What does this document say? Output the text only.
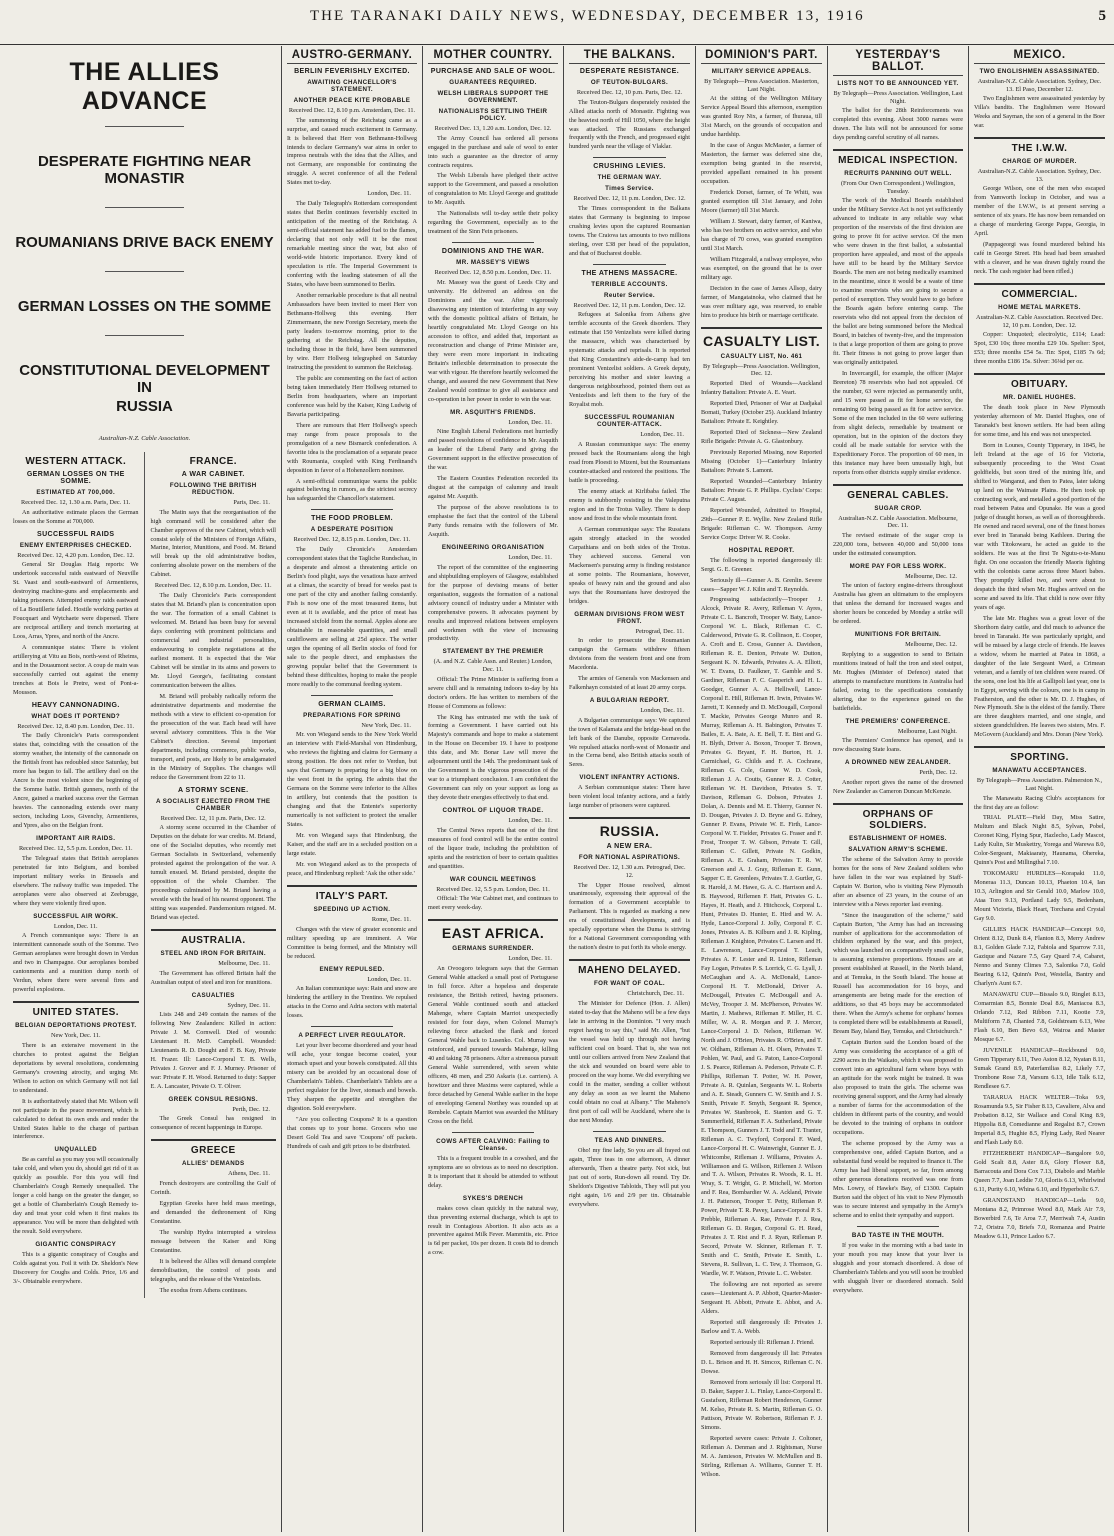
THE TARANAKI DAILY NEWS, WEDNESDAY, DECEMBER 13, 1916	5
THE ALLIES ADVANCE
DESPERATE FIGHTING NEAR MONASTIR
ROUMANIANS DRIVE BACK ENEMY
GERMAN LOSSES ON THE SOMME
CONSTITUTIONAL DEVELOPMENT IN
RUSSIA
Australian-N.Z. Cable Association.
WESTERN ATTACK.
GERMAN LOSSES ON THE SOMME.
ESTIMATED AT 700,000.
Received Dec. 12, 1.30 a.m. Paris, Dec. 11.

An authoritative estimate places the German losses on the Somme at 700,000.

SUCCESSFUL RAIDS
ENEMY ENTERPRISES CHECKED.
Received Dec. 12, 4.20 p.m. London, Dec. 12.

General Sir Douglas Haig reports: We undertook successful raids eastward of Neuville St. Vaast and south-eastward of Armentieres, destroying machine-guns and emplacements and taking prisoners. Attempted enemy raids eastward of La Boutillerie failed. Hostile working parties at Foucquart and Wytchaete were dispersed. There are reciprocal artillery and trench mortaring at Loos, Arras, Ypres, and north of the Ancre.

A communique states: There is violent artillerying at Vitu au Bois, north-west of Rheims, and in the Douaumont sector. A coup de main was successfully carried out against the enemy trenches at Bois le Pretre, west of Pont-a-Mousson.

HEAVY CANNONADING.
WHAT DOES IT PORTEND?
Received Dec. 12, 8.40 p.m. London, Dec. 11.

The Daily Chronicle's Paris correspondent states that, coinciding with the cessation of the stormy weather, the intensity of the cannonade on the British front has redoubled since Saturday, but more has begun to fall. The artillery duel on the Ancre is the most violent since the beginning of the Somme battle. British gunners, north of the Ancre, gained a marked success over the German heavies. The cannonading extends over many sectors, including Loos, Givenchy, Armentieres, and Ypres, also on the Belgian front.

IMPORTANT AIR RAIDS.
Received Dec. 12, 5.5 p.m. London, Dec. 11.

The Telegraaf states that British aeroplanes penetrated far into Belgium, and bombed important military works in Brussels and elsewhere. The railway traffic was impeded. The aeroplanes were also observed at Zeebrugge, where they were violently fired upon.

SUCCESSFUL AIR WORK.
London, Dec. 11.

A French communique says: There is an intermittent cannonade south of the Somme. Two German aeroplanes were brought down in Verdun and two in Champagne. Our aeroplanes bombed cantonments and a munition dump north of Verdun, where there were several fires and powerful explosions.

UNITED STATES.
BELGIAN DEPORTATIONS PROTEST.
New York, Dec. 11.

There is an extensive movement in the churches to protest against the Belgian deportations by several resolutions, condemning Germany's crowning atrocity, and urging Mr. Wilson to action on which Germany will not fail to understand.

It is authoritatively stated that Mr. Wilson will not participate in the peace movement, which is calculated to defeat its own ends and render the United States liable to the charge of partisan interference.

UNQUALLED

Be as careful as you may you will occasionally take cold, and when you do, should get rid of it as quickly as possible. For this you will find Chamberlain's Cough Remedy unequalled. The longer a cold hangs on the greater the danger, so get a bottle of Chamberlain's Cough Remedy to-day and treat your cold when it first makes its appearance. You will be more than delighted with the result. Sold everywhere.

GIGANTIC CONSPIRACY

This is a gigantic conspiracy of Coughs and Colds against you. Foil it with Dr. Sheldon's New Discovery for Coughs and Colds. Price, 1/6 and 3/-. Obtainable everywhere.

FRANCE.
A WAR CABINET.
FOLLOWING THE BRITISH REDUCTION.
Paris, Dec. 11.

The Matin says that the reorganisation of the high command will be considered after the Chamber approves of the new Cabinet, which will consist solely of the Ministers of Foreign Affairs, Marine, Interior, Munitions, and Food. M. Briand will break up the old administrative bodies, conferring absolute power on the members of the Cabinet.

Received Dec. 12, 8.10 p.m. London, Dec. 11.

The Daily Chronicle's Paris correspondent states that M. Briand's plan is concentration upon the war. The formation of a small Cabinet is welcomed. M. Briand has been busy for several days conferring with prominent politicians and commercial and industrial personalities, endeavouring to complete negotiations at the earliest moment. It is expected that the War Cabinet will be similar in its aims and powers to Mr. Lloyd George's, facilitating constant communication between the allies.

M. Briand will probably radically reform the administrative departments and modernise the methods with a view to efficient co-operation for the prosecution of the war. Each head will have several advisory committees. This is the War Cabinet's direction. Several important departments, including commerce, public works, transport, and posts, are likely to be amalgamated in the Ministry of Supplies. The changes will reduce the Government from 22 to 11.

A STORMY SCENE.
A SOCIALIST EJECTED FROM THE CHAMBER
Received Dec. 12, 11 p.m. Paris, Dec. 12.

A stormy scene occurred in the Chamber of Deputies on the debate for war credits. M. Briand, one of the Socialist deputies, who recently met German Socialists in Switzerland, vehemently protested against the prolongation of the war. A tumult ensued. M. Briand persisted, despite the opposition of the whole Chamber. The proceedings culminated by M. Briand having a wrestle with the head of his nearest opponent. The sitting was suspended. Pandemonium reigned. M. Briand was ejected.

AUSTRALIA.
STEEL AND IRON FOR BRITAIN.
Melbourne, Dec. 11.

The Government has offered Britain half the Australian output of steel and iron for munitions.

CASUALTIES
Sydney, Dec. 11.

Lists 248 and 249 contain the names of the following New Zealanders: Killed in action: Private J. M. Cornwell. Died of wounds: Lieutenant H. McD. Campbell. Wounded: Lieutenants R. D. Dought and F. B. Kay, Private H. Frazer. Ill: Lance-Corporal T. B. Wells, Privates J. Grover and F. J. Murney. Prisoner of war: Private F. H. Wood. Returned to duty: Sapper E. A. Lancaster, Private O. T. Oliver.

GREEK CONSUL RESIGNS.
Perth, Dec. 12.

The Greek Consul has resigned in consequence of recent happenings in Europe.

GREECE
ALLIES' DEMANDS
Athens, Dec. 11.

French destroyers are controlling the Gulf of Corinth.

Egyptian Greeks have held mass meetings, and demanded the dethronement of King Constantine.

The warship Hydra interrupted a wireless message between the Kaiser and King Constantine.

It is believed the Allies will demand complete demobilisation, the control of posts and telegraphs, and the release of the Venizelists.

The exodus from Athens continues.

AUSTRO-GERMANY.
BERLIN FEVERISHLY EXCITED.
AWAITING CHANCELLOR'S STATEMENT.
ANOTHER PEACE KITE PROBABLE
Received Dec. 12, 8.10 p.m. Amsterdam, Dec. 11.

The summoning of the Reichstag came as a surprise, and caused much excitement in Germany. It is believed that Herr von Bethmann-Hollweg intends to declare Germany's war aims in order to impress neutrals with the idea that the Allies, and not Germany, are responsible for continuing the struggle. A secret conference of all the Federal States met to-day.

London, Dec. 11.

The Daily Telegraph's Rotterdam correspondent states that Berlin continues feverishly excited in anticipation of the meeting of the Reichstag. A semi-official statement has added fuel to the flames, declaring that not only will it be the most remarkable meeting since the war, but also of world-wide historic importance. Every kind of speculation is rife. The Imperial Government is conferring with the leading statesmen of all the States, who have been summoned to Berlin.

Another remarkable procedure is that all neutral Ambassadors have been invited to meet Herr von Bethmann-Hollweg this evening. Herr Zimmermann, the new Foreign Secretary, meets the party leaders to-morrow morning, prior to the gathering at the Reichstag. All the deputies, including those in the field, have been summoned by wire. Herr Hollweg telegraphed on Saturday instructing the president to summon the Reichstag.

The public are commenting on the fact of action being taken immediately Herr Hollweg returned to Berlin from headquarters, where an important conference was held by the Kaiser, King Ludwig of Bavaria participating.

There are rumours that Herr Hollweg's speech may range from peace proposals to the promulgation of a new Bismarck confederation. A favorite idea is the proclamation of a separate peace with Roumania, coupled with King Ferdinand's deposition in favor of a Hohenzollern nominee.

A semi-official communique warns the public against believing in rumors, as the strictest secrecy has safeguarded the Chancellor's statement.

THE FOOD PROBLEM.
A DESPERATE POSITION
Received Dec. 12, 8.15 p.m. London, Dec. 11.

The Daily Chronicle's Amsterdam correspondent states that the Tagliche Rundschau, in a desperate and almost a threatening article on Berlin's food plight, says the vexatious haze arrived at a climax, the scarcity of bread for weeks past is one part of the city and another failing constantly. Fish is now one of the most treasured items, but even at it is available, and the price of meat has increased sixfold from the normal. Apples alone are obtainable in reasonable quantities, and small cauliflowers are selling at 25d apiece. The writer urges the opening of all Berlin stocks of food for sale to the people direct, and emphasises the growing popular belief that the Government is behind these difficulties, hoping to make the people more readily to the communal feeding system.

GERMAN CLAIMS.
PREPARATIONS FOR SPRING
New York, Dec. 11.

Mr. von Wiegand sends to the New York World an interview with Field-Marshal von Hindenburg, who reviews the fighting and claims for Germany a strong position. He does not refer to Verdun, but says that Germany is preparing for a big blow on the west front in the spring. He admits that the Germans on the Somme were inferior to the Allies in artillery, but contends that the position is changing and that the Entente's superiority numerically is not sufficient to protect the smaller States.

Mr. von Wiegand says that Hindenburg, the Kaiser, and the staff are in a secluded position on a large estate.

Mr. von Wiegand asked as to the prospects of peace, and Hindenburg replied: 'Ask the other side.'

ITALY'S PART.
SPEEDING UP ACTION.
Rome, Dec. 11.

Changes with the view of greater economic and military speeding up are imminent. A War Committee is being formed, and the Ministry will be reduced.

ENEMY REPULSED.
London, Dec. 11.

An Italian communique says: Rain and snow are hindering the artillery in the Trentino. We repulsed attacks in the Corno and Adria sectors with material losses.

A PERFECT LIVER REGULATOR.

Let your liver become disordered and your head will ache, your tongue become coated, your stomach upset and your bowels constipated. All this misery can be avoided by an occasional dose of Chamberlain's Tablets. Chamberlain's Tablets are a perfect regulator for the liver, stomach and bowels. They sharpen the appetite and strengthen the digestion. Sold everywhere.

"Are you collecting Coupons? It is a question that comes up to your home. Grocers who use Desert Gold Tea and save 'Coupons' off packets. Hundreds of cash and gift prizes to be distributed.

MOTHER COUNTRY.
PURCHASE AND SALE OF WOOL.
GUARANTEES REQUIRED.
WELSH LIBERALS SUPPORT THE GOVERNMENT.
NATIONALISTS SETTLING THEIR POLICY.
Received Dec. 13, 1.20 a.m. London, Dec. 12.

The Army Council has ordered all persons engaged in the purchase and sale of wool to enter into such a guarantee as the director of army contracts requires.

The Welsh Liberals have pledged their active support to the Government, and passed a resolution of congratulation to Mr. Lloyd George and gratitude to Mr. Asquith.

The Nationalists will to-day settle their policy regarding the Government, especially as to the treatment of the Sinn Fein prisoners.

DOMINIONS AND THE WAR.
MR. MASSEY'S VIEWS
Received Dec. 12, 8.50 p.m. London, Dec. 11.

Mr. Massey was the guest of Leeds City and university. He delivered an address on the Dominions and the war. After vigorously disavowing any intention of interfering in any way with the domestic political affairs of Britain, he heartily congratulated Mr. Lloyd George on his accession to office, and added that, important as reconstruction and change of Prime Minister are, they were even more important in indicating Britain's inflexible determination to prosecute the war with vigour. He therefore heartily welcomed the change, and assured the new Government that New Zealand would continue to give all assistance and co-operation in her power in order to win the war.

MR. ASQUITH'S FRIENDS.
London, Dec. 11.

Nine English Liberal Federations met hurriedly and passed resolutions of confidence in Mr. Asquith as leader of the Liberal Party and giving the Government support in the effective prosecution of the war.

The Eastern Counties Federation recorded its disgust at the campaign of calumny and insult against Mr. Asquith.

The purpose of the above resolutions is to emphasise the fact that the control of the Liberal Party funds remains with the followers of Mr. Asquith.

ENGINEERING ORGANISATION
London, Dec. 11.

The report of the committee of the engineering and shipbuilding employers of Glasgow, established for the purpose of devising means of better organisation, suggests the formation of a national advisory council of industry under a Minister with comprehensive powers. It advocates payment by results and improved relations between employers and workmen with the view of increasing productivity.

STATEMENT BY THE PREMIER
(A. and N.Z. Cable Assn. and Reuter.) London, Dec. 11.

Official: The Prime Minister is suffering from a severe chill and is remaining indoors to-day by his doctor's orders. He has written to members of the House of Commons as follows:

The King has entrusted me with the task of forming a Government. I have carried out his Majesty's commands and hope to make a statement in the House on December 19. I have to postpone this date, and Mr. Bonar Law will move the adjournment until the 14th. The predominant task of the Government is the vigorous prosecution of the war to a triumphant conclusion. I am confident the Government can rely on your support as long as they devote their energies effectively to that end.

CONTROL OF LIQUOR TRADE.
London, Dec. 11.

The Central News reports that one of the first measures of food control will be the entire control of the liquor trade, including the prohibition of spirits and the restriction of beer to certain qualities and quantities.

WAR COUNCIL MEETINGS
Received Dec. 12, 5.5 p.m. London, Dec. 11.

Official: The War Cabinet met, and continues to meet every week-day.

EAST AFRICA.
GERMANS SURRENDER.
London, Dec. 11.

An Ovoogoro telegram says that the German General Wahle attacked a small post of Portuguese in full force. After a hopeless and desperate resistance, the British retired, having prisoners. General Wahle continued south and attacked Mahenge, where Captain Marriot unexpectedly resisted for four days, when Colonel Murray's relieving force attacked the flank and forced General Wahle back to Lusenko. Col. Murray was reinforced, and pursued towards Mahenge, killing 40 and taking 78 prisoners. After a strenuous pursuit General Wahle surrendered, with seven white officers, 48 men, and 250 Askaris (i.e. carriers). A howitzer and three Maxims were captured, while a force detached by General Wahle earlier in the hope of enveloping General Northey was rounded up at Rembele. Captain Marriot was awarded the Military Cross on the field.

COWS AFTER CALVING: Failing to Cleanse.

This is a frequent trouble in a cowshed, and the symptoms are so obvious as to need no description. It is important that it should be attended to without delay.

SYKES'S DRENCH

makes cows clean quickly in the natural way, thus preventing external discharge, which is apt to result in Contagious Abortion. It also acts as a preventive against Milk Fever. Mammitis, etc. Price is 6d per packet, 10s per dozen. It costs 8d to drench a cow.

THE BALKANS.
DESPERATE RESISTANCE.
OF TEUTON-BULGARS.
Received Dec. 12, 10 p.m. Paris, Dec. 12.

The Teuton-Bulgars desperately resisted the Allied attacks north of Monastir. Fighting was the heaviest north of Hill 1050, where the height was attacked. The Russians exchanged frequently with the French, and progressed eight hundred yards near the village of Vlaklar.

CRUSHING LEVIES.
THE GERMAN WAY.
Times Service.
Received Dec. 12, 11 p.m. London, Dec. 12.

The Times correspondent in the Balkans states that Germany is beginning to impose crushing levies upon the captured Roumanian towns. The Craiova tax amounts to two millions sterling, over £38 per head of the population, and that of Bucharest double.

THE ATHENS MASSACRE.
TERRIBLE ACCOUNTS.
Reuter Service.
Received Dec. 12, 11 p.m. London, Dec. 12.

Refugees at Salonika from Athens give terrible accounts of the Greek disorders. They estimate that 150 Venizelists were killed during the massacre, which was characterised by systematic attacks and reprisals. It is reported that King Constantine's aide-de-camp had ten prominent Venizelist soldiers. A Greek deputy, perceiving his mother and sister leaving a dangerous neighbourhood, pointed them out as Venizelists and left them to the fury of the Royalist mob.

SUCCESSFUL ROUMANIAN COUNTER-ATTACK.
London, Dec. 11.

A Russian communique says: The enemy pressed back the Roumanians along the high road from Ploesti to Mizeni, but the Roumanians counter-attacked and restored the positions. The battle is proceeding.

The enemy attack at Kirlibaba failed. The enemy is stubbornly resisting in the Valeputna region and in the Trotus Valley. There is deep snow and frost in the whole mountain front.

A German communique says: The Russians again strongly attacked in the wooded Carpathians and on both sides of the Trotus. They achieved success. General von Mackensen's pursuing army is finding resistance at some points. The Roumanians, however, speaks of heavy rain and the ground and also says that the Roumanians have destroyed the bridges.

GERMAN DIVISIONS FROM WEST FRONT.
Petrograd, Dec. 11.

In order to prosecute the Roumanian campaign the Germans withdrew fifteen divisions from the western front and one from Macedonia.

The armies of Generals von Mackensen and Falkenhayn consisted of at least 20 army corps.

A BULGARIAN REPORT.
London, Dec. 11.

A Bulgarian communique says: We captured the town of Kalamata and the bridge-head on the left bank of the Danube, opposite Cernavoda. We repulsed attacks north-west of Monastir and in the Cerna bend, also British attacks south of Seres.

VIOLENT INFANTRY ACTIONS.

A Serbian communique states: There have been violent local infantry actions, and a fairly large number of prisoners were captured.

RUSSIA.
A NEW ERA.
FOR NATIONAL ASPIRATIONS.
Received Dec. 12, 1.30 a.m. Petrograd, Dec. 12.

The Upper House resolved, almost unanimously, expressing their approval of the formation of a Government acceptable to Parliament. This is regarded as marking a new era of constitutional developments, and is specially opportune when the Duma is striving for a National Government corresponding with the nation's desire to put forth its whole energy.

MAHENO DELAYED.
FOR WANT OF COAL.
Christchurch, Dec. 11.

The Minister for Defence (Hon. J. Allen) stated to-day that the Maheno will be a few days late in arriving in the Dominion. "I very much regret having to say this," said Mr. Allen, "but the vessel was held up through not having sufficient coal on board. That is, she was not until our colliers arrived from New Zealand that the sick and wounded on board were able to proceed on the way home. We did everything we could in the matter, sending a collier without any delay as soon as we learnt the Maheno could obtain no coal at Albany." The Maheno's first port of call will be Auckland, where she is due next Monday.

TEAS AND DINNERS.

Oho! my fine lady, So you are all frayed out again, Three teas in one afternoon, A dinner afterwards, Then a theatre party. Not sick, but just out of sorts, Run-down all round. Try Dr. Sheldon's Digestive Tabloids, They will put you right again, 1/6 and 2/9 per tin. Obtainable everywhere.

DOMINION'S PART.
MILITARY SERVICE APPEALS.
By Telegraph—Press Association. Masterton, Last Night.

At the sitting of the Wellington Military Service Appeal Board this afternoon, exemption was granted Roy Nix, a farmer, of Ihuraua, till 31st March, on the grounds of occupation and undue hardship.

In the case of Angus McMaster, a farmer of Masterton, the farmer was deferred sine die, exemption being granted in the reservist, provided appellant remained in his present occupation.

Frederick Dorset, farmer, of Te Whiti, was granted exemption till 31st January, and John Moore (farmer) till 31st March.

William J. Stewart, dairy farmer, of Kaniwa, who has two brothers on active service, and who has charge of 70 cows, was granted exemption until 31st March.

William Fitzgerald, a railway employee, who was exempted, on the ground that he is over military age.

Decision in the case of James Allsop, dairy farmer, of Mangatainoka, who claimed that he was over military age, was reserved, to enable him to produce his birth or marriage certificate.

CASUALTY LIST.
CASUALTY LIST, No. 461
By Telegraph—Press Association. Wellington, Dec. 12.

Reported Died of Wounds—Auckland Infantry Battalion: Private A. E. Veart.

Reported Died, Prisoner of War at Dadjakal Bomati, Turkey (October 25). Auckland Infantry Battalion: Private E. Keightley.

Reported Died of Sickness—New Zealand Rifle Brigade: Private A. G. Glastonbury.

Previously Reported Missing, now Reported Missing (October 1)—Canterbury Infantry Battalion: Private S. Lamont.

Reported Wounded—Canterbury Infantry Battalion: Private G. P. Phillips. Cyclists' Corps: Private C. August.

Reported Wounded, Admitted to Hospital, 29th—Gunner P. E. Wyllie. New Zealand Rifle Brigade: Rifleman C. W. Thompson. Army Service Corps: Driver W. R. Cooke.

HOSPITAL REPORT.

The following is reported dangerously ill: Sergt. G. E. Greener.

Seriously ill—Gunner A. B. Grenlin. Severe cases—Sapper W. J. Kilin and T. Reynolds.

Progressing satisfactorily—Trooper J. Alcock, Private R. Avery, Rifleman V. Ayres, Private C. L. Bancroft, Trooper W. Baty, Lance-Corporal W. L. Black, Rifleman C. C. Calderwood, Private G. R. Collinson, E. Cooper, A. Croft and E. Cross, Gunner A. Davidson, Rifleman R. E. Denton, Private W. Dutton, Sergeant K. N. Edwards, Privates A. A. Elliott, W. T. Evans, D. Faulkner, T. Gamble and S. Gardiner, Rifleman F. C. Gasperich and H. L. Goodger, Gunner A. A. Helliwell, Lance-Corporal E. Hill, Rifleman H. Irwin, Privates W. Jarrett, T. Kennedy and D. McDougall, Corporal T. Mackie, Privates George Munro and R. Murray, Rifleman A. H. Babington, Privates T. Bailes, E. A. Bate, A. E. Bell, T. E. Bint and G. H. Blyth, Driver A. Boxon, Trooper T. Brown, Privates G. Bryant, F. H. Burton, H. J. Carmichael, G. Childs and F. A. Cochrane, Rifleman G. Cole, Gunner W. D. Cook, Rifleman J. A. Coutts, Gunner R. J. Cotter, Rifleman W. H. Davidson, Privates S. T. Davison, Rifleman G. Dobson, Privates J. Dolan, A. Dennis and M. E. Thierry, Gunner N. D. Dougan, Privates J. D. Bryne and G. Edney, Gunner P. Evans, Private W. E. Firth, Lance-Corporal W. T. Fielder, Privates G. Fraser and F. Frost, Trooper T. W. Gibson, Private T. Gill, Rifleman C. Gillett, Private N. Godkin, Rifleman A. E. Graham, Privates T. R. W. Greerson and A. J. Gray, Rifleman E. Gunn, Sapper C. E. Greenlees, Privates T. J. Gurtler, G. R. Harold, J. M. Hawe, G. A. C. Harrison and A. B. Haywood, Riflemen F. Hatt, Privates G. L. Hayes, H. Heath, and J. Hitchcock, Corporal L. Hunt, Privates D. Hunter, E. Hird and W. A. Hyde, Lance-Corporal J. Jolly, Corporal F. C. Jones, Privates A. B. Kilburn and J. R. Kipling, Rifleman J. Knighton, Privates C. Larsen and H. E. Lawrenson, Lance-Corporal T. Leach, Privates A. F. Lester and R. Linton, Rifleman Fay Logan, Privates P. S. Lorrick, C. G. Lyall, J. McCaughan and A. A. McDonald, Lance-Corporal H. T. McDonald, Driver A. McDougall, Privates C. McDougall and A. McVey, Trooper J. M. McPherson, Privates W. Martin, J. Mathews, Rifleman F. Miller, H. C. Miller, W. A. R. Morgan and P. J. Mercer, Lance-Corporal J. D. Nelson, Rifleman W. North and J. O'Brien, Privates R. O'Brien, and T. W. Oldham, Rifleman A. H. Olsen, Privates T. Pohlen, W. Paul, and G. Paton, Lance-Corporal J. S. Pearce, Rifleman A. Pederson, Private C. F. Phillips, Rifleman T. Potter, W. H. Power, Private A. R. Quinlan, Sergeants W. L. Roberts and A. E. Steadt, Gunners C. W. Smith and J. S. Smith, Private F. Smyth, Sergeant R. Spence, Privates W. Stanbrook, E. Stanton and G. T. Summerfield, Rifleman F. A. Sutherland, Private E. Thompson, Gunners J. T. Todd and T. Tranter, Rifleman A. C. Twyford, Corporal F. Ward, Lance-Corporal H. C. Wainwright, Gunner E. J. Whitcombe, Rifleman J. Williams, Privates A. Williamson and G. Willson, Riflemen J. Wilson and T. A. Wilson, Privates R. Woods, R. L. H. Wray, S. T. Wright, G. P. Mitchell, W. Morton and F. Rea, Bombardier W. A. Ackland, Private J. H. Patterson, Trooper T. Petty, Rifleman P. Power, Private T. R. Pavey, Lance-Corporal P. S. Prebble, Rifleman A. Rae, Private F. J. Rea, Rifleman G. D. Regan, Corporal G. H. Read, Privates J. T. Rist and F. J. Ryan, Rifleman P. Secord, Private W. Skinner, Rifleman F. T. Smith and C. Smith, Private E. Smith, L. Stevens, R. Sullivan, L. C. Tew, J. Thomson, G. Wardle, W. F. Watson, Private L. C. Webster.

The following are not reported as severe cases—Lieutenant A. P. Abbott, Quarter-Master-Sergeant H. Abbott, Private E. Abbot, and A. Alders.

Reported still dangerously ill: Privates J. Barlow and T. A. Webb.

Reported seriously ill: Rifleman J. Friend.

Removed from dangerously ill list: Privates D. L. Brison and H. H. Simcox, Rifleman C. N. Dowse.

Removed from seriously ill list: Corporal H. D. Baker, Sapper J. L. Finlay, Lance-Corporal E. Gustafson, Rifleman Robert Henderson, Gunner M. Kelso, Private R. S. Martin, Rifleman G. O. Pattison, Private W. Robertson, Rifleman F. J. Simons.

Reported severe cases: Private J. Coltoner, Rifleman A. Denman and J. Rightsman, Nurse M. A. Jamieson, Privates W. McMullen and B. Stirling, Rifleman A. Williams, Gunner T. H. Wilson.

YESTERDAY'S BALLOT.
LISTS NOT TO BE ANNOUNCED YET.
By Telegraph—Press Association. Wellington, Last Night.

The ballot for the 28th Reinforcements was completed this evening. About 3000 names were drawn. The lists will not be announced for some days pending careful scrutiny of all names.

MEDICAL INSPECTION.
RECRUITS PANNING OUT WELL.
(From Our Own Correspondent.) Wellington, Tuesday.

The work of the Medical Boards established under the Military Service Act is not yet sufficiently advanced to indicate in any reliable way what proportion of the reservists of the first division are going to prove fit for active service. Of the men who were drawn in the first ballot, a substantial proportion have appealed, and most of the appeals have still to be heard by the Military Service Boards. The men are not being medically examined in the meantime, since it would be a waste of time to examine reservists who are going to secure a period of exemption. They would have to go before the Boards again before entering camp. The reservists who did not appeal from the decision of the ballot are being summoned before the Medical Board, in batches of twenty-five, and the impression is that a large proportion of them are going to prove fit. Their fitness is not going to prove larger than was originally anticipated.

In Invercargill, for example, the officer (Major Brereton) 78 reservists who had not appealed. Of the number, 63 were rejected as permanently unfit, and 15 were passed as fit for home service, the remaining 60 being passed as fit for active service. Some of the men included in the 60 were suffering from slight defects, remediable by treatment or operation, but in the opinion of the doctors they could all be made suitable for service with the Expeditionary Force. The proportion of 60 men, in this instance may have been unusually high, but reports from other districts supply similar evidence.

GENERAL CABLES.
SUGAR CROP.
Australian-N.Z. Cable Association. Melbourne, Dec. 11.

The revised estimate of the sugar crop is 220,000 tons, between 40,000 and 50,000 tons under the estimated consumption.

MORE PAY FOR LESS WORK.
Melbourne, Dec. 12.

The union of factory engine-drivers throughout Australia has given an ultimatum to the employers that unless the demand for increased wages and shorter hours be conceded by Monday a strike will be ordered.

MUNITIONS FOR BRITAIN.
Melbourne, Dec. 12.

Replying to a suggestion to send to Britain munitions instead of half the iron and steel output, Mr. Hughes (Minister of Defence) stated that attempts to manufacture munitions in Australia had failed, owing to the specifications constantly altering, due to the experience gained on the battlefields.

THE PREMIERS' CONFERENCE.
Melbourne, Last Night.

The Premiers' Conference has opened, and is now discussing State loans.

A DROWNED NEW ZEALANDER.
Perth, Dec. 12.

Another report gives the name of the drowned New Zealander as Cameron Duncan McKenzie.

ORPHANS OF SOLDIERS.
ESTABLISHMENT OF HOMES.
SALVATION ARMY'S SCHEME.

The scheme of the Salvation Army to provide homes for the sons of New Zealand soldiers who have fallen in the war was explained by Staff-Captain W. Burton, who is visiting New Plymouth after an absence of 23 years, in the course of an interview with a News reporter last evening.

"Since the inauguration of the scheme," said Captain Burton, "the Army has had an increasing number of applications for the accommodation of children orphaned by the war, and this project, which was launched on a comparatively small scale, is assuming extensive proportions. Houses are at present established at Russell, in the North Island, and at Temuka, in the South Island. The house at Russell has accommodation for 16 boys, and arrangements are being made for the erection of additions, so that 45 boys may be accommodated there. When the Army's scheme for orphans' homes is completed there will be establishments at Russell, Bream Bay, Island Bay, Temuka, and Christchurch."

Captain Burton said the London board of the Army was considering the acceptance of a gift of 2290 acres in the Waikato, which it was proposed to convert into an agricultural farm where boys with an aptitude for the work might be trained. It was also proposed to train the girls. The scheme was receiving general support, and the Army had already a number of farms for the accommodation of the children in different parts of the country, and would be devoted to the training of orphans in outdoor occupations.

The scheme proposed by the Army was a comprehensive one, added Captain Burton, and a substantial fund would be required to finance it. The Army has had liberal support, so far, from among other generous donations received was one from Mrs. Lowry, of Hawke's Bay, of £1300. Captain Burton said the object of his visit to New Plymouth was to secure interest and sympathy in the Army's scheme and to enlist their sympathy and support.

BAD TASTE IN THE MOUTH.

If you wake in the morning with a bad taste in your mouth you may know that your liver is sluggish and your stomach disordered. A dose of Chamberlain's Tablets and you will soon be troubled with sluggish liver or disordered stomach. Sold everywhere.

MEXICO.
TWO ENGLISHMEN ASSASSINATED.
Australian-N.Z. Cable Association. Sydney, Dec. 13. El Paso, December 12.

Two Englishmen were assassinated yesterday by Villa's bandits. The Englishmen were Howard Weeks and Sayman, the son of a general in the Boer war.

THE I.W.W.
CHARGE OF MURDER.
Australian-N.Z. Cable Association. Sydney, Dec. 13.

George Wilson, one of the men who escaped from Yamworth lockup in October, and was a member of the I.W.W., is at present serving a sentence of six years. He has now been remanded on a charge of murdering George Pappa, Georgia, in April.

(Pappageorgi was found murdered behind his café in George Street. His head had been smashed with a cleaver, and he was drawn tightly round the neck. The cash register had been rifled.)

COMMERCIAL.
HOME METAL MARKETS.
Australian-N.Z. Cable Association. Received Dec. 12, 10 p.m. London, Dec. 12.

Copper: Unquoted; electrolytic, £114; Lead: Spot, £30 10s; three months £29 10s. Spelter: Spot, £53; three months £54 5s. Tin: Spot, £185 7s 6d; three months £186 15s. Silver: 36⅛d per oz.

OBITUARY.
MR. DANIEL HUGHES.

The death took place in New Plymouth yesterday afternoon of Mr. Daniel Hughes, one of Taranaki's best known settlers. He had been ailing for some time, and his end was not unexpected.

Born in Lounes, County Tipperary, in 1845, he left Ireland at the age of 16 for Victoria, subsequently proceeding to the West Coast goldfields, but soon tired of the mining life, and shifted to Wanganui, and then to Patea, later taking up land on the Waimate Plains. He then took up contracting work, and metalled a good portion of the road between Patea and Opunake. He was a good judge of draught horses, as well as of thoroughbreds. He owned and raced several, one of the finest horses ever bred in Taranaki being Kathleen. During the war with Titokowaru, he acted as guide to the soldiers. He was at the first Te Ngutu-o-te-Manu fight. On one occasion the friendly Maoris fighting with the colonists came across three Maori babes. They promptly killed two, and were about to despatch the third when Mr. Hughes arrived on the scene and saved its life. That child is now over fifty years of age.

The late Mr. Hughes was a great lover of the Shorthorn dairy cattle, and did much to advance the breed in Taranaki. He was particularly upright, and will be missed by a large circle of friends. He leaves a widow, whom he married at Patea in 1868, a daughter of the late Sergeant Ward, a Crimean veteran, and a family of ten children were reared. Of the sons, one lost his life at Gallipoli last year, one is in Egypt, serving with the colours, one is in camp in Featherston, and the other is Mr. D. J. Hughes, of New Plymouth. She is the eldest of the family. There are three daughters married, and one single, and sixteen grandchildren. He leaves two sisters, Mrs. F. McGovern (Auckland) and Mrs. Doran (New York).

SPORTING.
MANAWATU ACCEPTANCES.
By Telegraph—Press Association. Palmerston N., Last Night.

The Manawatu Racing Club's acceptances for the first day are as follow:

TRIAL PLATE—Field Day, Miss Satire, Multum and Black Night 8.5, Sylvan, Pobel, Coronet King, Flying Spur, Hazlecho, Lady Mascot, Lady Kulin, Sir Muskettry, Yorega and Warewa 8.0, Color-Sergeant, Makiaaraty, Haunama, Ohereka, Quinn's Post and Millingthal 7.10.

TOKOMARU HURDLES—Korapaki 11.0, Moneraa 11.3, Duncan 10.13, Phaeton 10.4, Ian 10.3, Arlington and Sir Gerald 10.0, Marlow 10.0, Ataa Toro 9.13, Portland Lady 9.5, Bedenham, Mount Victoria, Black Heart, Torchana and Crystal Gay 9.0.

GILLIES HACK HANDICAP—Concept 9.0, Orient 8.12, Dunk 8.4, Flanton 8.3, Merry Andrew 8.1, Golden Glade 7.12, Fabiola and Sparrow 7.11, Gazique and Nazare 7.5, Gay Quard 7.4, Cabaret, Nenno and Sunny Climes 7.3, Salonika 7.0, Gold Bearing 6.12, Quinn's Post, Westella, Bantry and Charlyn's Aunt 6.7.

MANAWATU CUP—Bissalo 9.0, Ringlet 8.13, Comarmian 8.5, Bonnie Doal 8.6, Maniacoa 8.3, Orlando 7.12, Red Ribbon 7.11, Kootie 7.9, Multiform 7.8, Chanted 7.8, Goldstream 6.13, Wee Flash 6.10, Ben Bevo 6.9, Wairoa and Master Mosque 6.7.

JUVENILE HANDICAP—Rockbound 9.0, Green Tipperary 8.11, Two Aston 8.12, Nyatan 8.11, Sumak Grand 8.9, Paterfamilias 8.2, Likely 7.7, Trombone Rose 7.8, Varsum 6.13, Idle Talk 6.12, Rendlesee 6.7.

TARARUA HACK WELTER—Toka 9.9, Rosamunda 9.5, Sir Fisher 8.13, Cavaliere, Alva and Probation 8.12, Sir Wallace and Coral King 8.9, Hippolia 8.8, Comedianne and Regalist 8.7, Crown Imperial 8.5, Hughie 8.5, Flying Lady, Red Nearer and Flash Lady 8.0.

FITZHERBERT HANDICAP—Bangalore 9.0, Gold Scalt 8.8, Aster 8.6, Glory Flower 8.8, Barracouta and Dora Cox 7.13, Diabolo and Marble Queen 7.7, Joan Leddie 7.0, Gloriis 6.13, Whirlwind 6.11, Purity 6.10, Whina 6.10, and Hyperbolic 6.7.

GRANDSTAND HANDICAP—Leda 9.0, Montana 8.2, Primrose Wood 8.0, Mark Air 7.9, Bowerbird 7.6, Te Aroa 7.7, Merriwah 7.4, Austin 7.2, Oristra 7.0, Briefs 7.0, Romanza and Prairie Meadow 6.11, Prince Ladoo 6.7.
